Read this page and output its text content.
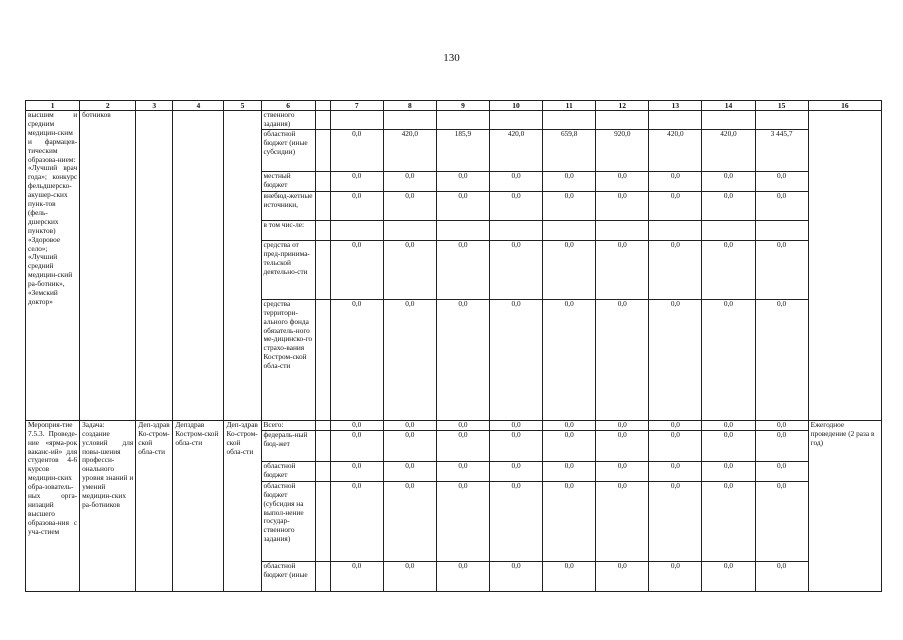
130
1	2	3	4	5	6		7	8	9	10	11	12	13	14	15	16
высшим и средним медицин-ским и фармацев-тическим образова-нием: «Лучший врач года»; конкурс фельдшерско-акушер-ских пунк-тов (фель-дшерских пунктов) «Здоровое село»; «Лучший средний медицин-ский ра-ботник», «Земский доктор»	ботников				ственного задания)											
					областной бюджет (иные субсидии)		0,0	420,0	185,9	420,0	659,8	920,0	420,0	420,0	3 445,7	
					местный бюджет		0,0	0,0	0,0	0,0	0,0	0,0	0,0	0,0	0,0	
					внебюд-жетные источники,		0,0	0,0	0,0	0,0	0,0	0,0	0,0	0,0	0,0	
					в том чис-ле:											
					средства от пред-принима-тельской деятельно-сти		0,0	0,0	0,0	0,0	0,0	0,0	0,0	0,0	0,0	
					средства территори-ального фонда обязатель-ного ме-дицинско-го страхо-вания Костром-ской обла-сти		0,0	0,0	0,0	0,0	0,0	0,0	0,0	0,0	0,0	
Мероприя-тие 7.5.3. Проведе-ние «ярма-рок ваканс-ий» для студентов 4-6 курсов медицин-ских обра-зователь-ных орга-низаций высшего образова-ния с уча-стием	Задача: создание условий для повы-шения професси-онального уровня знаний и умений медицин-ских ра-ботников	Деп-здрав Ко-стром-ской обла-сти	Депздрав Костром-ской обла-сти	Деп-здрав Ко-стром-ской обла-сти	Всего:		0,0	0,0	0,0	0,0	0,0	0,0	0,0	0,0	0,0	Ежегодное проведение (2 раза в год)
					федераль-ный бюд-жет		0,0	0,0	0,0	0,0	0,0	0,0	0,0	0,0	0,0	
					областной бюджет		0,0	0,0	0,0	0,0	0,0	0,0	0,0	0,0	0,0	
					областной бюджет (субсидия на выпол-нение государ-ственного задания)		0,0	0,0	0,0	0,0	0,0	0,0	0,0	0,0	0,0	
					областной бюджет (иные		0,0	0,0	0,0	0,0	0,0	0,0	0,0	0,0	0,0	
